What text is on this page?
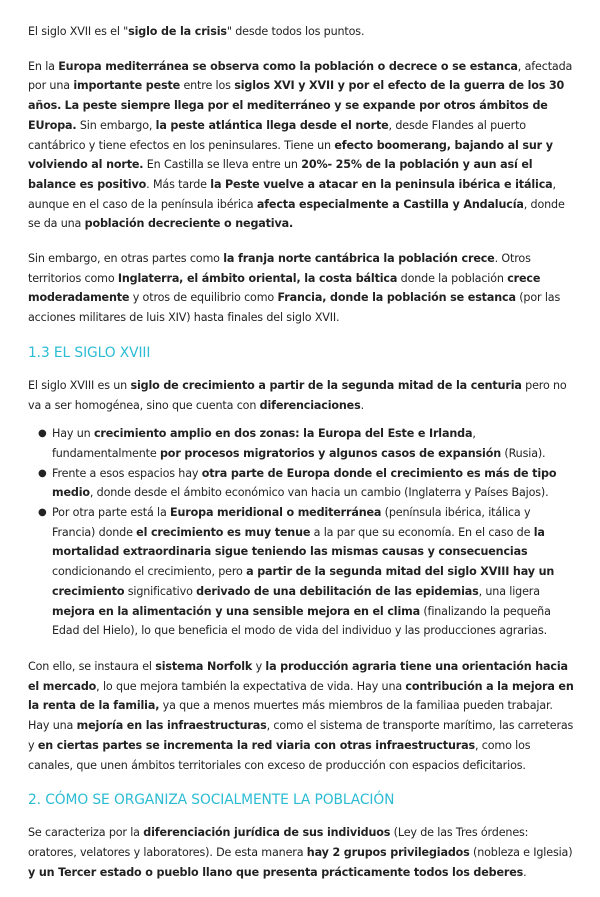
El siglo XVII es el "siglo de la crisis" desde todos los puntos.

En la Europa mediterránea se observa como la población o decrece o se estanca, afectada por una importante peste entre los siglos XVI y XVII y por el efecto de la guerra de los 30 años. La peste siempre llega por el mediterráneo y se expande por otros ámbitos de EUropa. Sin embargo, la peste atlántica llega desde el norte, desde Flandes al puerto cantábrico y tiene efectos en los peninsulares. Tiene un efecto boomerang, bajando al sur y volviendo al norte. En Castilla se lleva entre un 20%- 25% de la población y aun así el balance es positivo. Más tarde la Peste vuelve a atacar en la peninsula ibérica e itálica, aunque en el caso de la península ibérica afecta especialmente a Castilla y Andalucía, donde se da una población decreciente o negativa.

Sin embargo, en otras partes como la franja norte cantábrica la población crece. Otros territorios como Inglaterra, el ámbito oriental, la costa báltica donde la población crece moderadamente y otros de equilibrio como Francia, donde la población se estanca (por las acciones militares de luis XIV) hasta finales del siglo XVII.

1.3 EL SIGLO XVIII

El siglo XVIII es un siglo de crecimiento a partir de la segunda mitad de la centuria pero no va a ser homogénea, sino que cuenta con diferenciaciones.

● Hay un crecimiento amplio en dos zonas: la Europa del Este e Irlanda, fundamentalmente por procesos migratorios y algunos casos de expansión (Rusia).
● Frente a esos espacios hay otra parte de Europa donde el crecimiento es más de tipo medio, donde desde el ámbito económico van hacia un cambio (Inglaterra y Países Bajos).
● Por otra parte está la Europa meridional o mediterránea (península ibérica, itálica y Francia) donde el crecimiento es muy tenue a la par que su economía. En el caso de la mortalidad extraordinaria sigue teniendo las mismas causas y consecuencias condicionando el crecimiento, pero a partir de la segunda mitad del siglo XVIII hay un crecimiento significativo derivado de una debilitación de las epidemias, una ligera mejora en la alimentación y una sensible mejora en el clima (finalizando la pequeña Edad del Hielo), lo que beneficia el modo de vida del individuo y las producciones agrarias.

Con ello, se instaura el sistema Norfolk y la producción agraria tiene una orientación hacia el mercado, lo que mejora también la expectativa de vida. Hay una contribución a la mejora en la renta de la familia, ya que a menos muertes más miembros de la familiaa pueden trabajar. Hay una mejoría en las infraestructuras, como el sistema de transporte marítimo, las carreteras y en ciertas partes se incrementa la red viaria con otras infraestructuras, como los canales, que unen ámbitos territoriales con exceso de producción con espacios deficitarios.

2. CÓMO SE ORGANIZA SOCIALMENTE LA POBLACIÓN

Se caracteriza por la diferenciación jurídica de sus individuos (Ley de las Tres órdenes: oratores, velatores y laboratores). De esta manera hay 2 grupos privilegiados (nobleza e Iglesia) y un Tercer estado o pueblo llano que presenta prácticamente todos los deberes.
